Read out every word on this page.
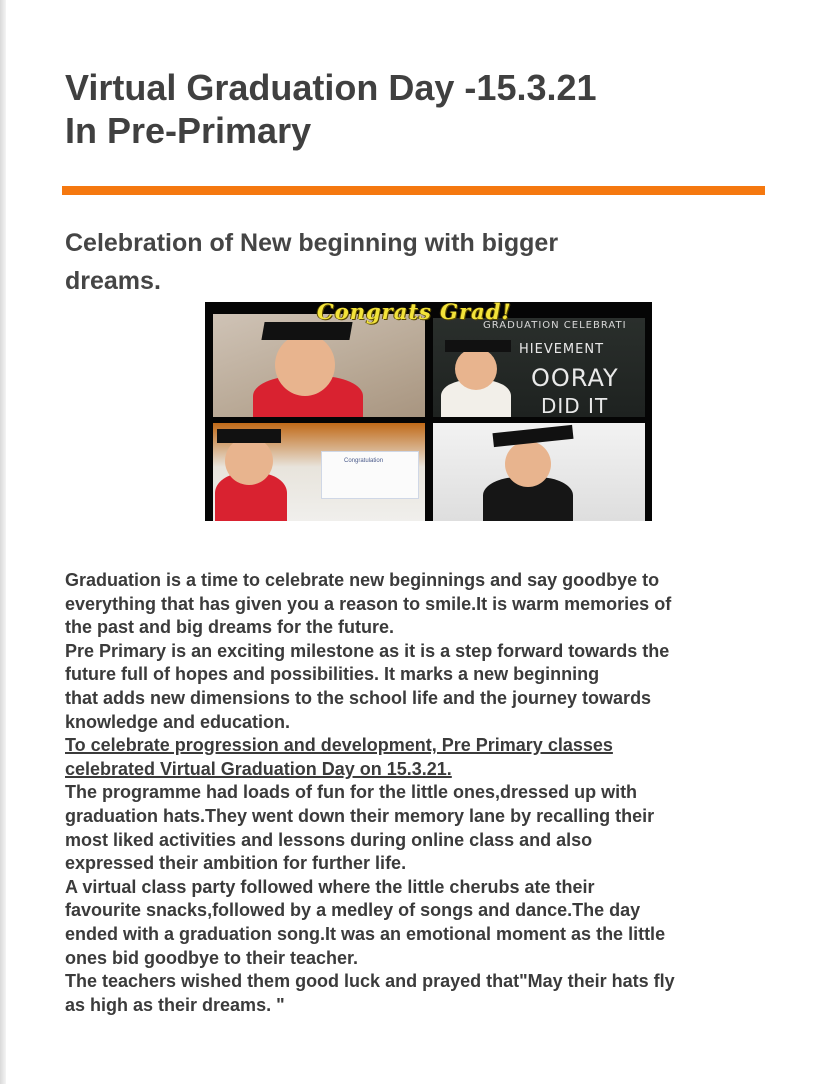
Virtual Graduation Day -15.3.21
In Pre-Primary
Celebration of New beginning with bigger
dreams.
Congrats Grad!
GRADUATION CELEBRATI
HIEVEMENT
OORAY
DID IT
Congratulation
Graduation is a time to celebrate new beginnings and say goodbye to
everything that has given you a reason to smile.It is warm memories of
the past and big dreams for the future.
Pre Primary is an exciting milestone as it is a step forward towards the
future full of hopes and possibilities. It marks a new beginning
that adds new dimensions to the school life and the journey towards
knowledge and education.
To celebrate progression and development, Pre Primary classes
celebrated Virtual Graduation Day on 15.3.21.
The programme had loads of fun for the little ones,dressed up with
graduation hats.They went down their memory lane by recalling their
most liked activities and lessons during online class and also
expressed their ambition for further life.
A virtual class party followed where the little cherubs ate their
favourite snacks,followed by a medley of songs and dance.The day
ended with a graduation song.It was an emotional moment as the little
ones bid goodbye to their teacher.
The teachers wished them good luck and prayed that"May their hats fly
as high as their dreams. "
